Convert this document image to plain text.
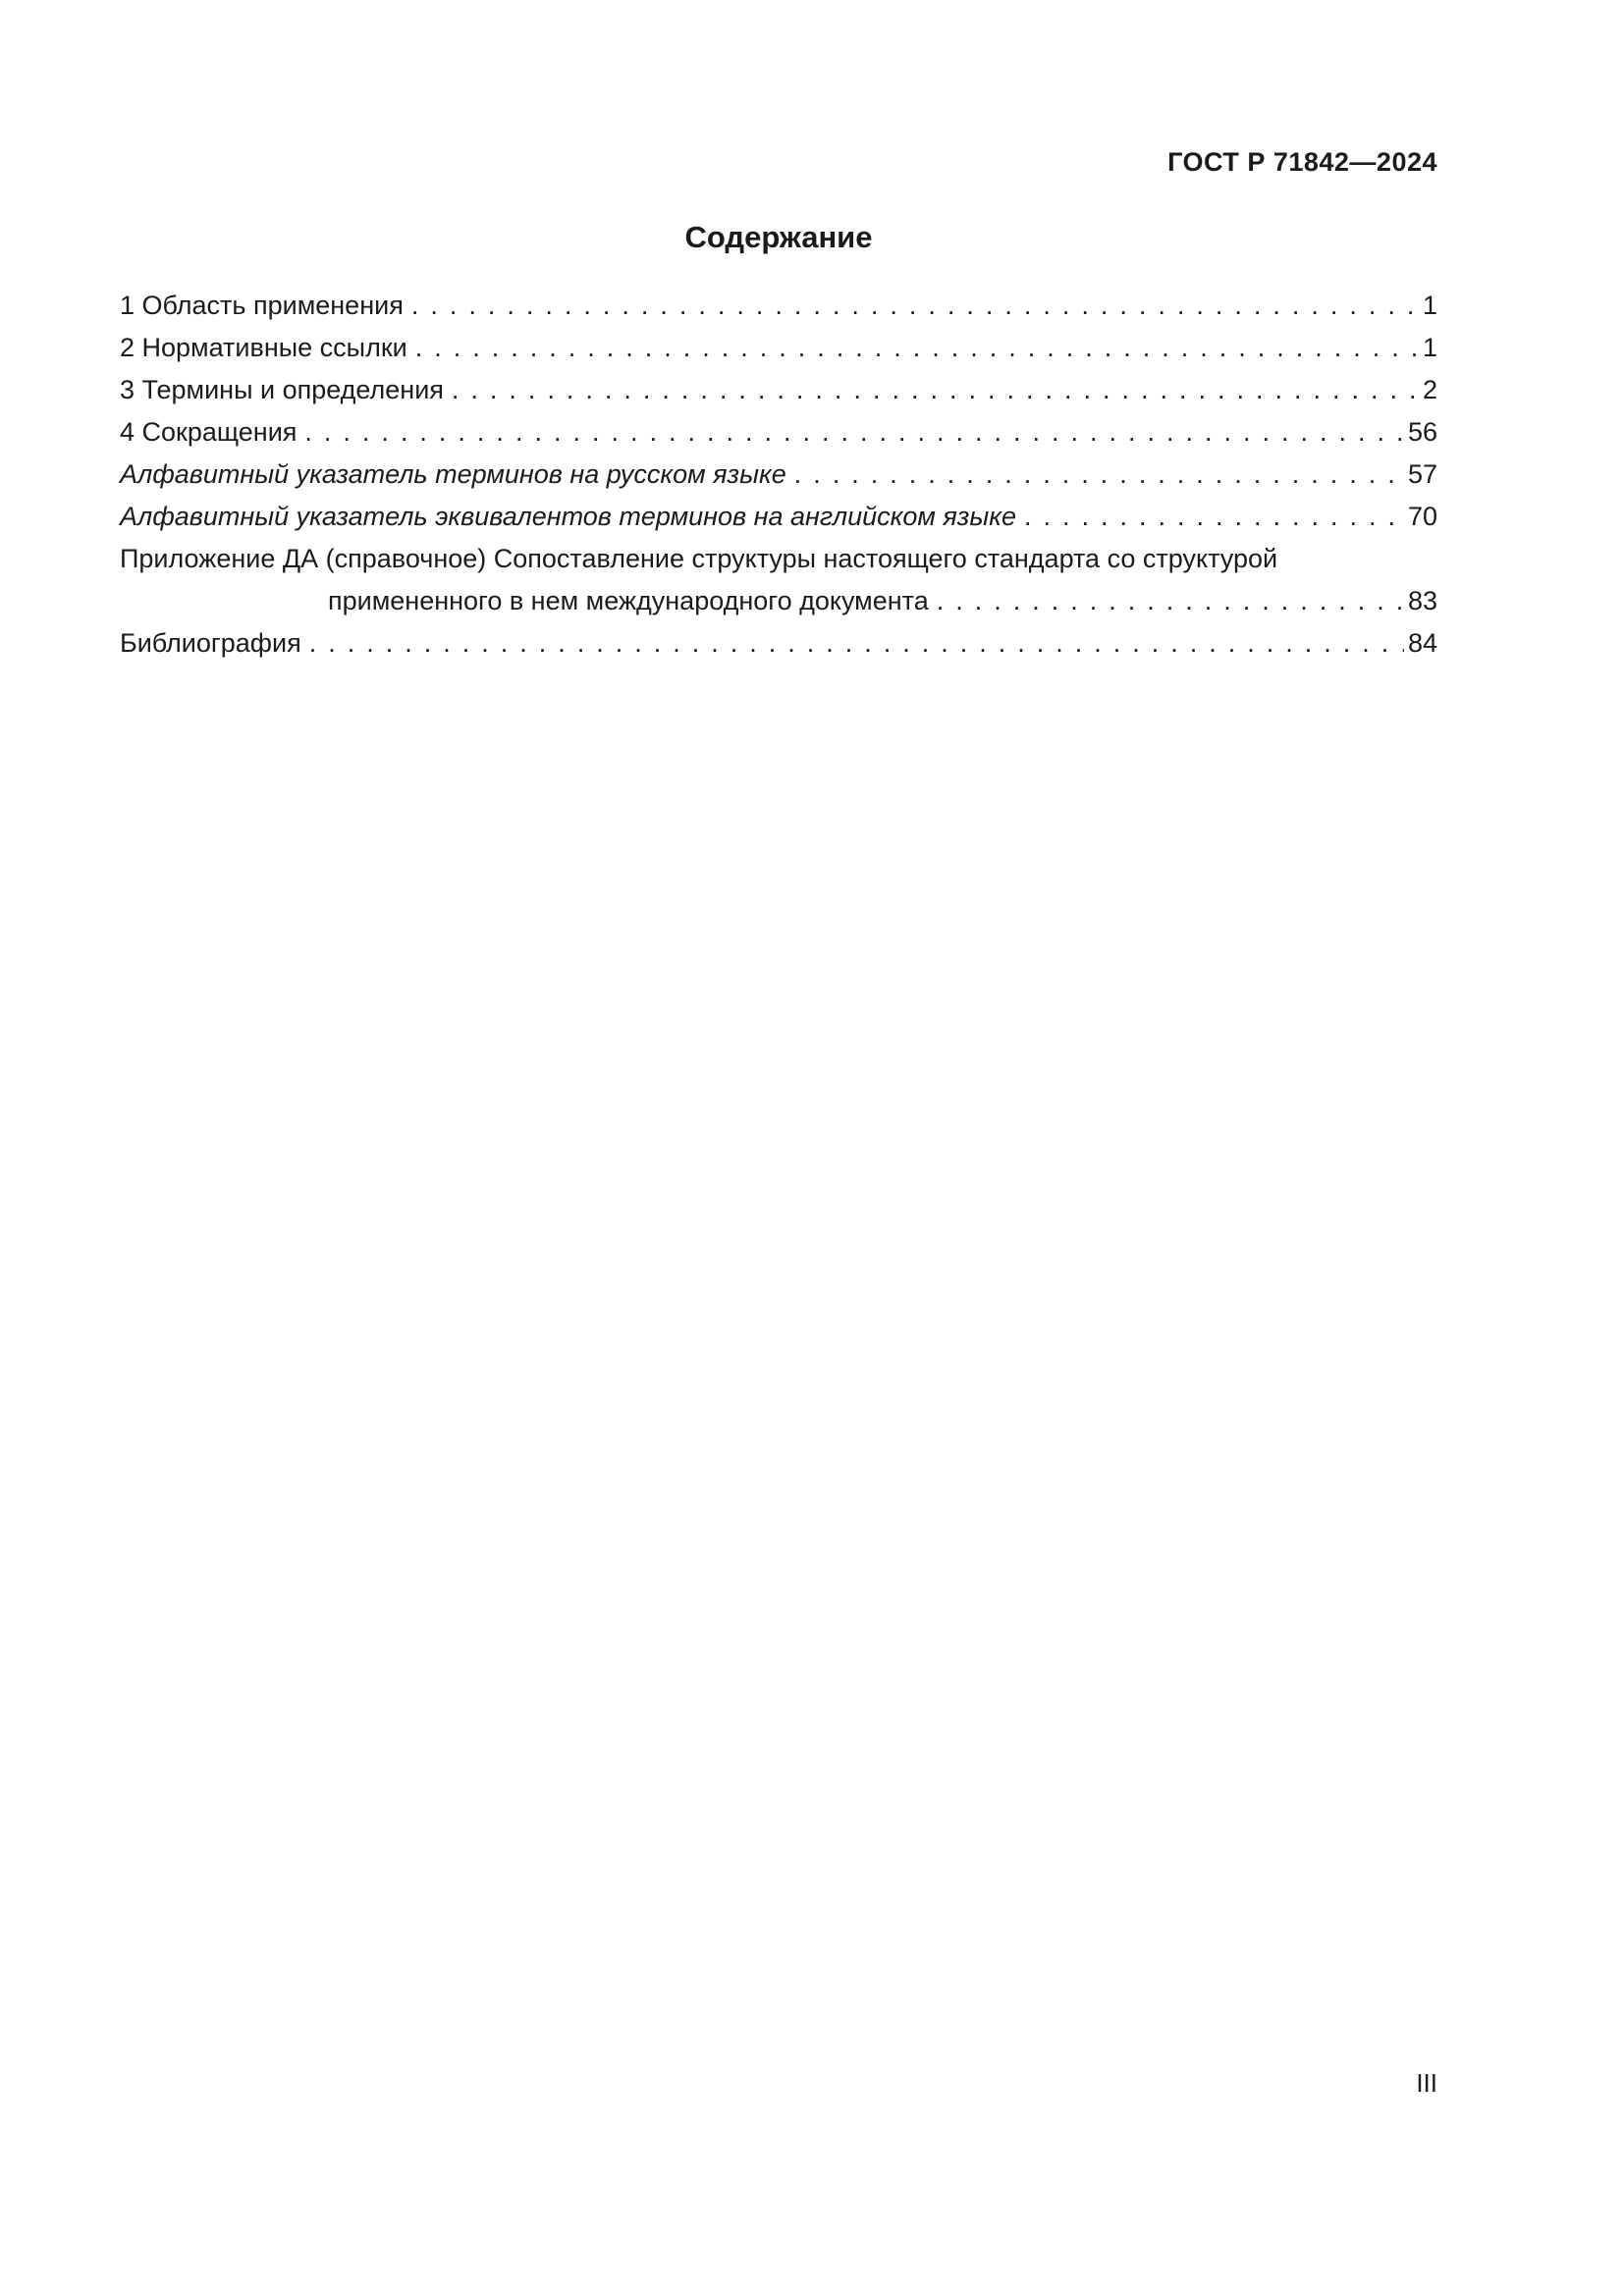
ГОСТ Р 71842—2024
Содержание
1 Область применения .....	1
2 Нормативные ссылки .....	1
3 Термины и определения .....	2
4 Сокращения .....	56
Алфавитный указатель терминов на русском языке .....	57
Алфавитный указатель эквивалентов терминов на английском языке .....	70
Приложение ДА (справочное) Сопоставление структуры настоящего стандарта со структурой
примененного в нем международного документа .....	83
Библиография .....	84
III
